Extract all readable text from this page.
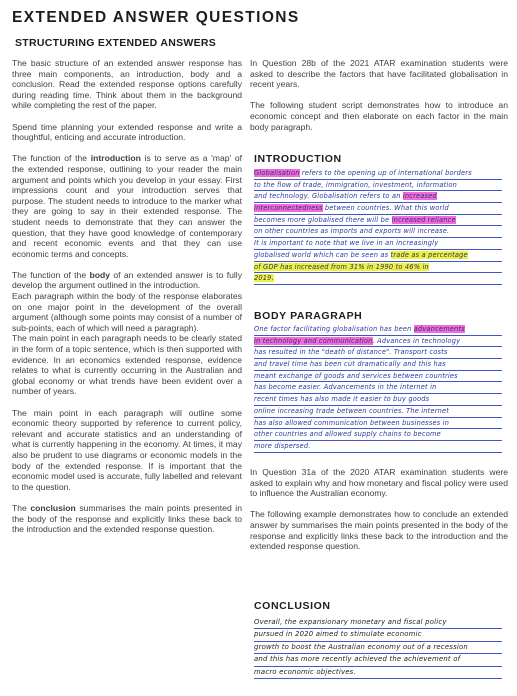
EXTENDED ANSWER QUESTIONS
STRUCTURING EXTENDED ANSWERS

The basic structure of an extended answer response has three main components, an introduction, body and a conclusion. Read the extended response options carefully during reading time. Think about them in the background while completing the rest of the paper.

Spend time planning your extended response and write a thoughtful, enticing and accurate introduction.

The function of the introduction is to serve as a 'map' of the extended response, outlining to your reader the main argument and points which you develop in your essay. First impressions count and your introduction serves that purpose. The student needs to introduce to the marker what they are going to say in their extended response. The student needs to demonstrate that they can answer the question, that they have good knowledge of contemporary and recent economic events and that they can use economic terms and concepts.

The function of the body of an extended answer is to fully develop the argument outlined in the introduction.

Each paragraph within the body of the response elaborates on one major point in the development of the overall argument (although some points may consist of a number of sub-points, each of which will need a paragraph).

The main point in each paragraph needs to be clearly stated in the form of a topic sentence, which is then supported with evidence. In an economics extended response, evidence relates to what is currently occurring in the Australian and global economy or what trends have been evident over a number of years.

The main point in each paragraph will outline some economic theory supported by reference to current policy, relevant and accurate statistics and an understanding of what is currently happening in the economy. At times, it may also be prudent to use diagrams or economic models in the body of the extended response. If is important that the economic model used is accurate, fully labelled and relevant to the question.

The conclusion summarises the main points presented in the body of the response and explicitly links these back to the introduction and the extended response question.

In Question 28b of the 2021 ATAR examination students were asked to describe the factors that have facilitated globalisation in recent years.

The following student script demonstrates how to introduce an economic concept and then elaborate on each factor in the main body paragraph.

INTRODUCTION
Globalisation refers to the opening up of international borders
to the flow of trade, immigration, investment, information
and technology. Globalisation refers to an increased
interconnectedness between countries. What this world
becomes more globalised there will be increased reliance
on other countries as imports and exports will increase.
It is important to note that we live in an increasingly
globalised world which can be seen as trade as a percentage
of GDP has increased from 31% in 1990 to 46% in
2019.
BODY PARAGRAPH
One factor facilitating globalisation has been advancements
in technology and communication. Advances in technology
has resulted in the "death of distance". Transport costs
and travel time has been cut dramatically and this has
meant exchange of goods and services between countries
has become easier. Advancements in the internet in
recent times has also made it easier to buy goods
online increasing trade between countries. The internet
has also allowed communication between businesses in
other countries and allowed supply chains to become
more dispersed.

In Question 31a of the 2020 ATAR examination students were asked to explain why and how monetary and fiscal policy were used to influence the Australian economy.

The following example demonstrates how to conclude an extended answer by summarises the main points presented in the body of the response and explicitly links these back to the introduction and the extended response question.

CONCLUSION
Overall, the expansionary monetary and fiscal policy
pursued in 2020 aimed to stimulate economic
growth to boost the Australian economy out of a recession
and this has more recently achieved the achievement of
macro economic objectives.
